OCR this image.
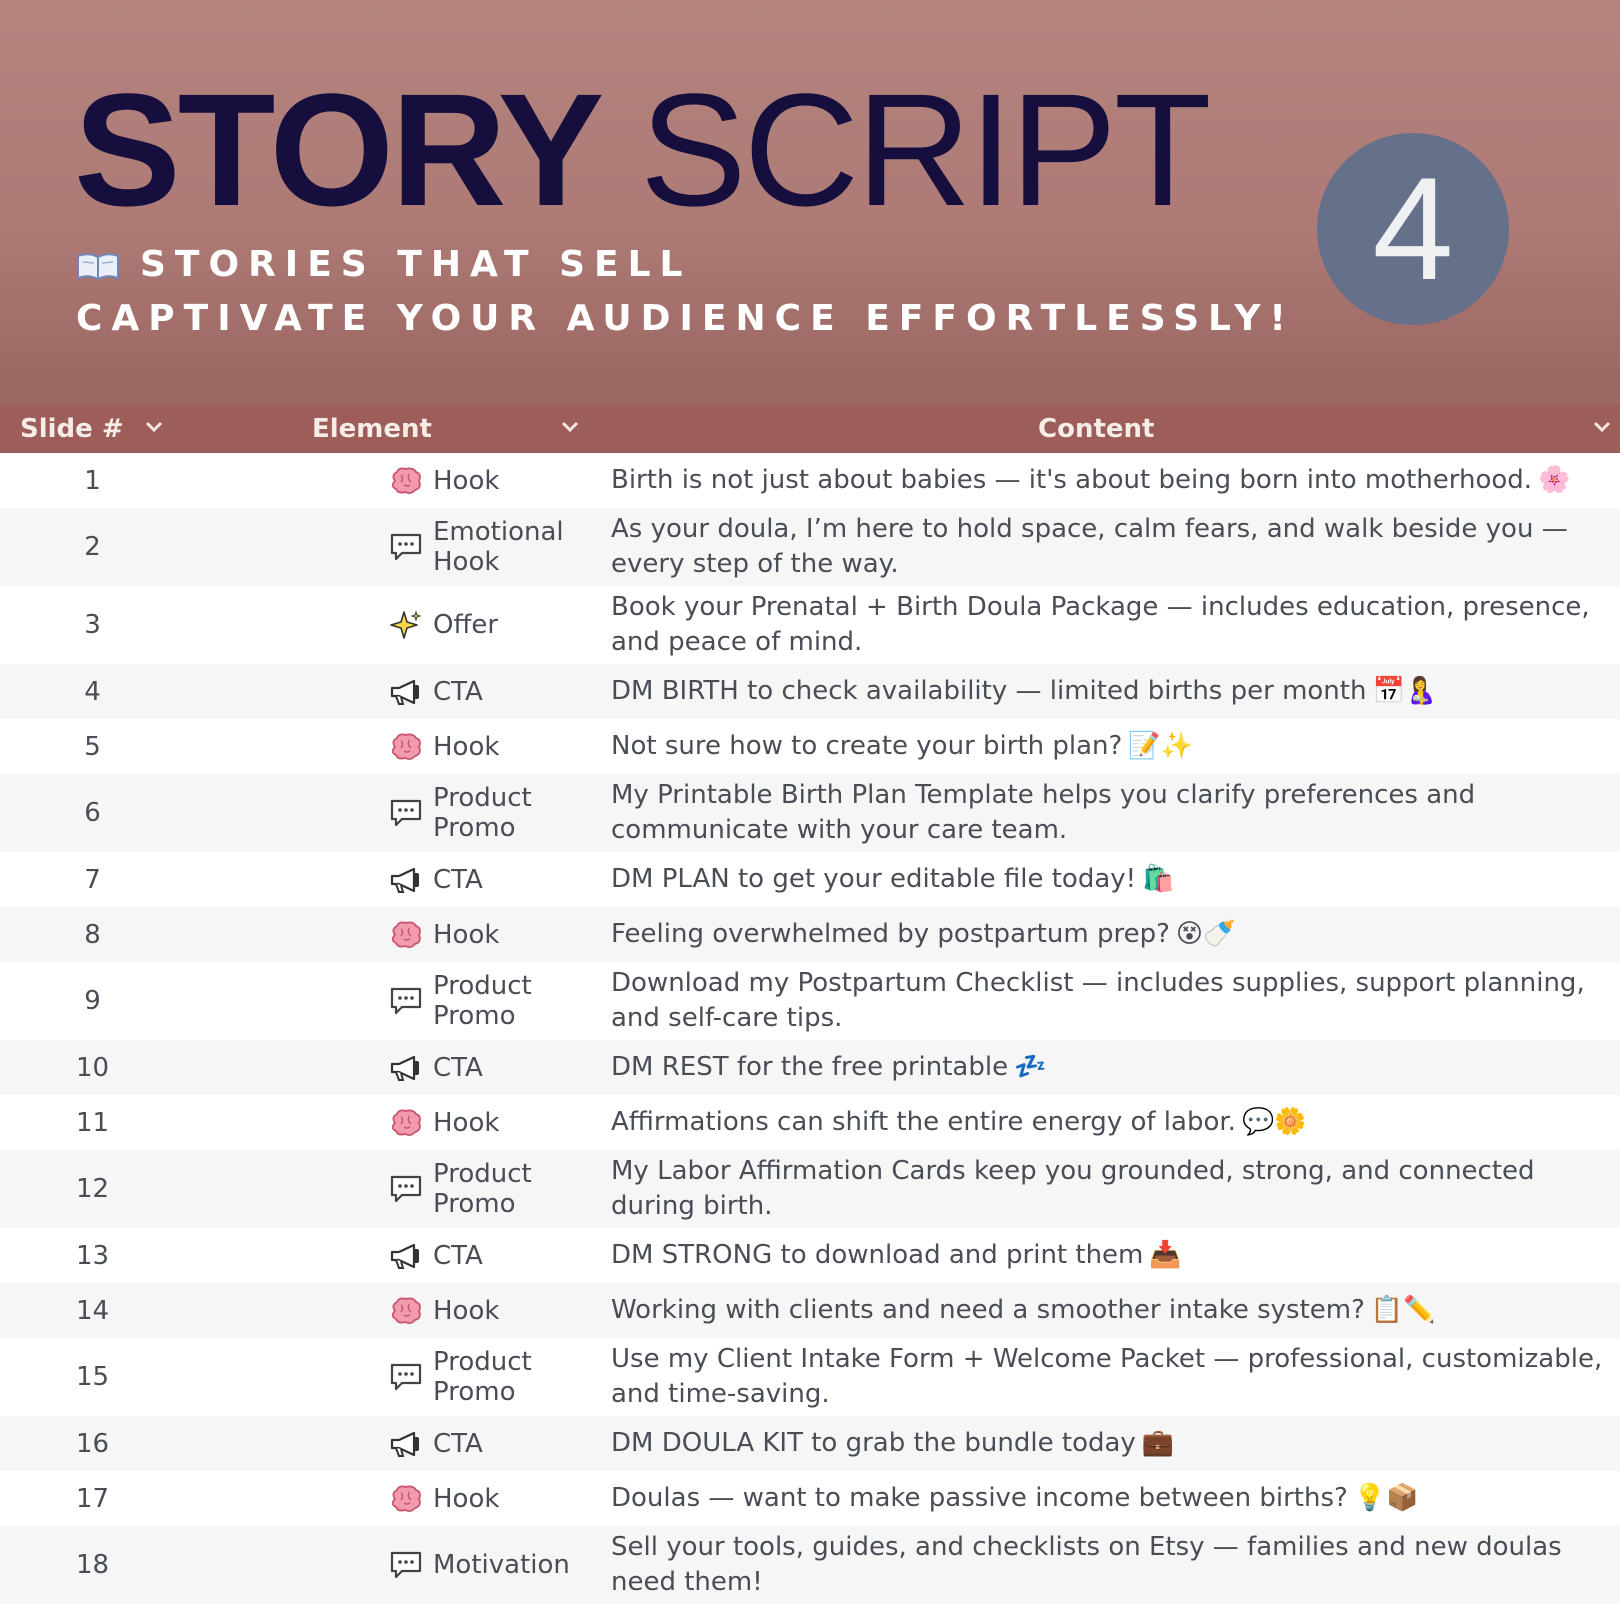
STORY SCRIPT
STORIES THAT SELL
CAPTIVATE YOUR AUDIENCE EFFORTLESSLY!
4
Slide #	Element	Content

1	Hook	Birth is not just about babies — it's about being born into motherhood. 🌸
2	Emotional Hook	As your doula, I’m here to hold space, calm fears, and walk beside you — every step of the way.
3	Offer	Book your Prenatal + Birth Doula Package — includes education, presence, and peace of mind.
4	CTA	DM BIRTH to check availability — limited births per month 📅🤱
5	Hook	Not sure how to create your birth plan? 📝✨
6	Product Promo	My Printable Birth Plan Template helps you clarify preferences and communicate with your care team.
7	CTA	DM PLAN to get your editable file today! 🛍️
8	Hook	Feeling overwhelmed by postpartum prep? 😵🍼
9	Product Promo	Download my Postpartum Checklist — includes supplies, support planning, and self-care tips.
10	CTA	DM REST for the free printable 💤
11	Hook	Affirmations can shift the entire energy of labor. 💬🌼
12	Product Promo	My Labor Affirmation Cards keep you grounded, strong, and connected during birth.
13	CTA	DM STRONG to download and print them 📥
14	Hook	Working with clients and need a smoother intake system? 📋✏️
15	Product Promo	Use my Client Intake Form + Welcome Packet — professional, customizable, and time-saving.
16	CTA	DM DOULA KIT to grab the bundle today 💼
17	Hook	Doulas — want to make passive income between births? 💡📦
18	Motivation	Sell your tools, guides, and checklists on Etsy — families and new doulas need them!
